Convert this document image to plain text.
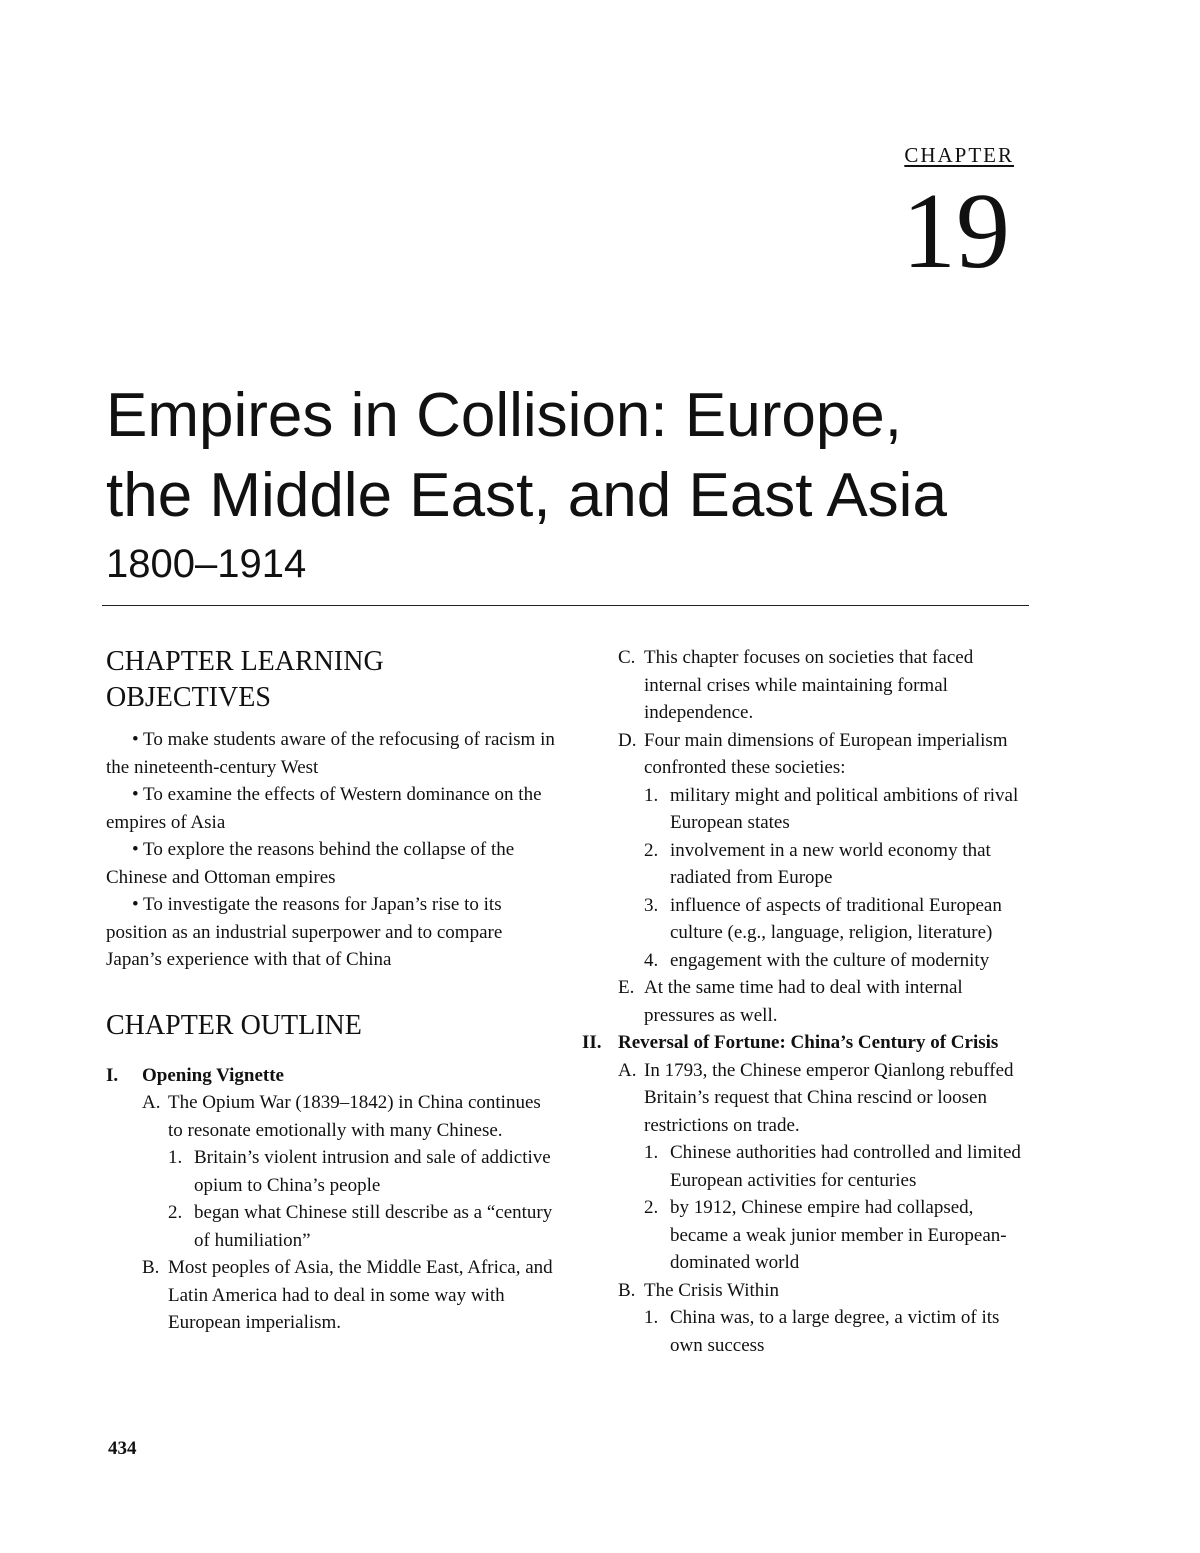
CHAPTER
19
Empires in Collision: Europe,
the Middle East, and East Asia
1800–1914
CHAPTER LEARNING
OBJECTIVES

• To make students aware of the refocusing of racism in the nineteenth-century West

• To examine the effects of Western dominance on the empires of Asia

• To explore the reasons behind the collapse of the Chinese and Ottoman empires

• To investigate the reasons for Japan’s rise to its position as an industrial superpower and to compare Japan’s experience with that of China

CHAPTER OUTLINE

I. Opening Vignette

A. The Opium War (1839–1842) in China continues to resonate emotionally with many Chinese.

1. Britain’s violent intrusion and sale of addictive opium to China’s people

2. began what Chinese still describe as a “century of humiliation”

B. Most peoples of Asia, the Middle East, Africa, and Latin America had to deal in some way with European imperialism.

C. This chapter focuses on societies that faced internal crises while maintaining formal independence.

D. Four main dimensions of European imperialism confronted these societies:

1. military might and political ambitions of rival European states

2. involvement in a new world economy that radiated from Europe

3. influence of aspects of traditional European culture (e.g., language, religion, literature)

4. engagement with the culture of modernity

E. At the same time had to deal with internal pressures as well.

II. Reversal of Fortune: China’s Century of Crisis

A. In 1793, the Chinese emperor Qianlong rebuffed Britain’s request that China rescind or loosen restrictions on trade.

1. Chinese authorities had controlled and limited European activities for centuries

2. by 1912, Chinese empire had collapsed, became a weak junior member in European-dominated world

B. The Crisis Within

1. China was, to a large degree, a victim of its own success

434
